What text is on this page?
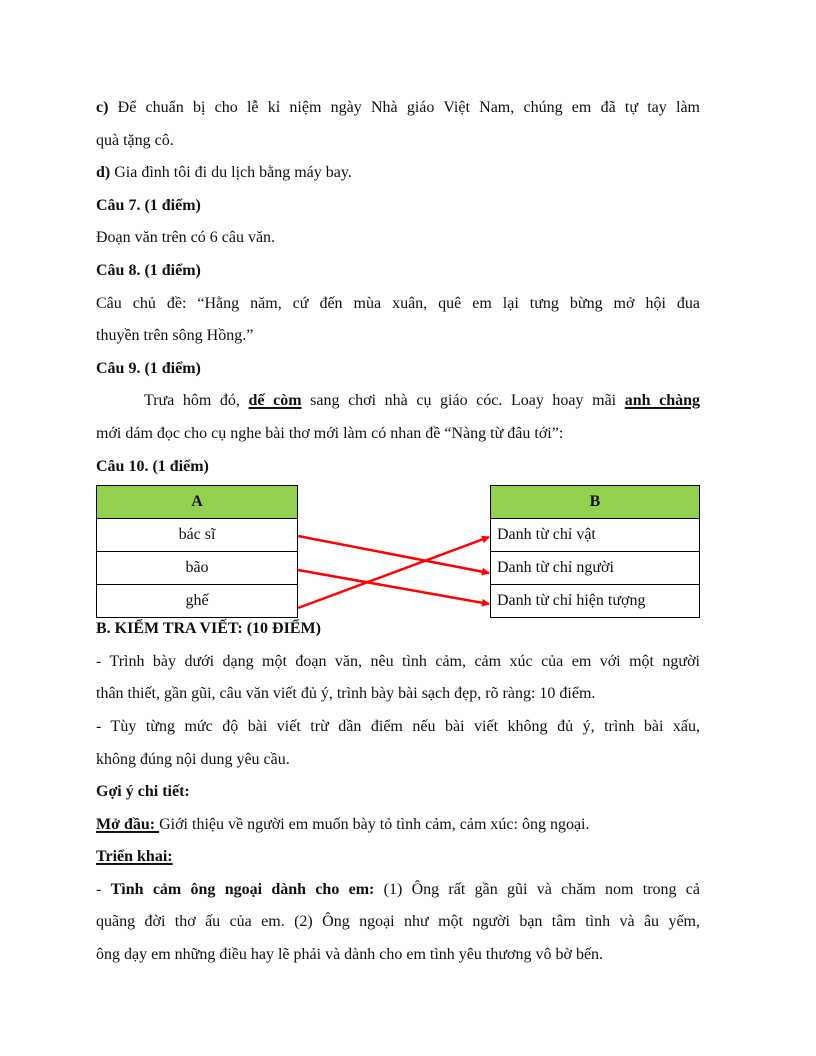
c) Để chuẩn bị cho lễ kỉ niệm ngày Nhà giáo Việt Nam, chúng em đã tự tay làm

quà tặng cô.

d) Gia đình tôi đi du lịch bằng máy bay.

Câu 7. (1 điểm)

Đoạn văn trên có 6 câu văn.

Câu 8. (1 điểm)

Câu chủ đề: “Hằng năm, cứ đến mùa xuân, quê em lại tưng bừng mở hội đua

thuyền trên sông Hồng.”

Câu 9. (1 điểm)

Trưa hôm đó, dế còm sang chơi nhà cụ giáo cóc. Loay hoay mãi anh chàng

mới dám đọc cho cụ nghe bài thơ mới làm có nhan đề “Nàng từ đâu tới”:

Câu 10. (1 điểm)

A
bác sĩ
bão
ghế
B
Danh từ chỉ vật
Danh từ chỉ người
Danh từ chỉ hiện tượng

B. KIỂM TRA VIẾT: (10 ĐIỂM)

- Trình bày dưới dạng một đoạn văn, nêu tình cảm, cảm xúc của em với một người

thân thiết, gần gũi, câu văn viết đủ ý, trình bày bài sạch đẹp, rõ ràng: 10 điểm.

- Tùy từng mức độ bài viết trừ dần điểm nếu bài viết không đủ ý, trình bài xấu,

không đúng nội dung yêu cầu.

Gợi ý chi tiết:

Mở đầu: Giới thiệu về người em muốn bày tỏ tình cảm, cảm xúc: ông ngoại.

Triển khai:

- Tình cảm ông ngoại dành cho em: (1) Ông rất gần gũi và chăm nom trong cả

quãng đời thơ ấu của em. (2) Ông ngoại như một người bạn tâm tình và âu yếm,

ông dạy em những điều hay lẽ phải và dành cho em tình yêu thương vô bờ bến.
